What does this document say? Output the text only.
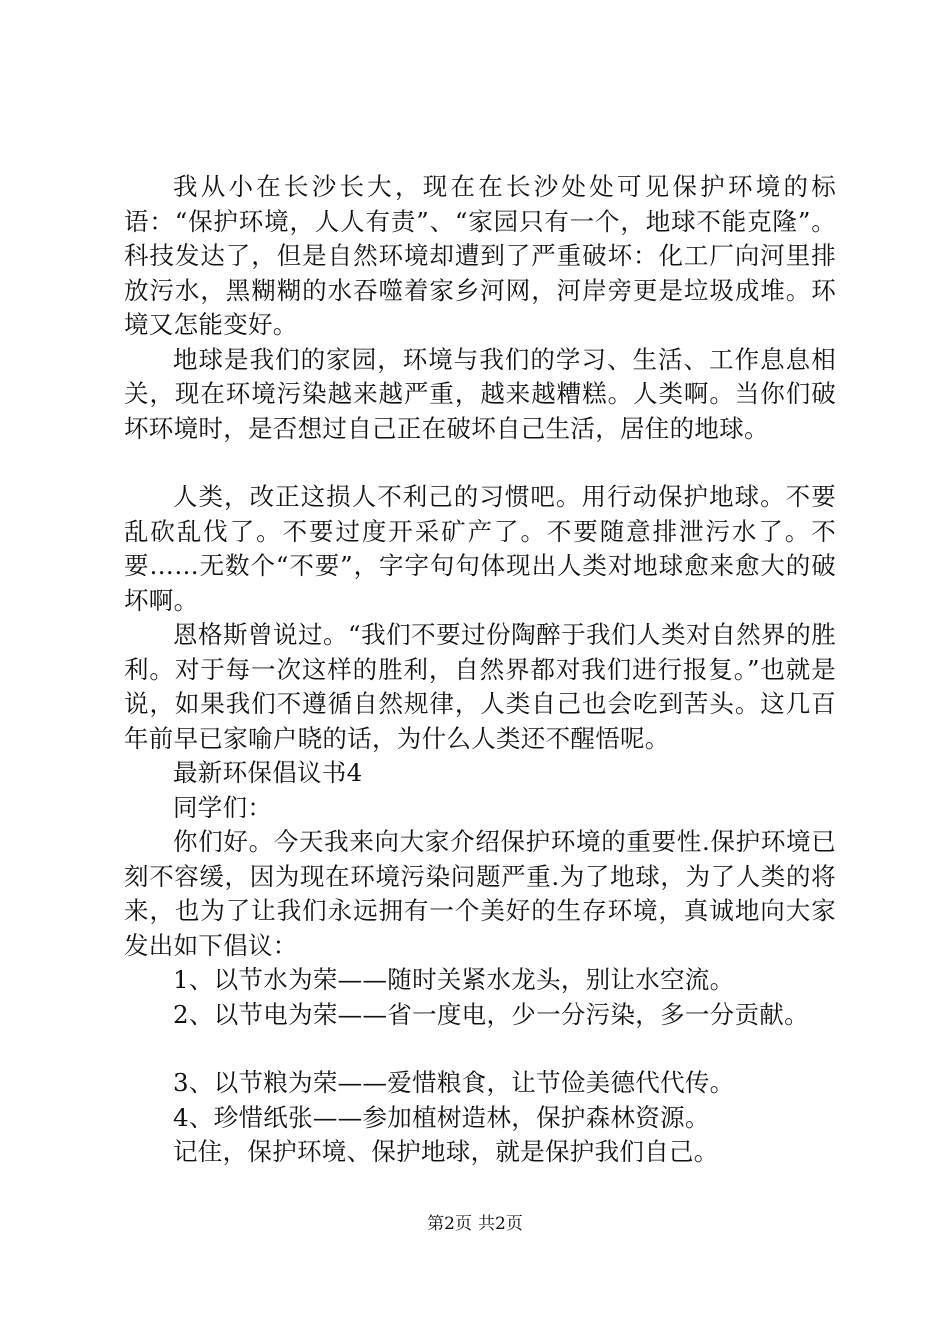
我从小在长沙长大，现在在长沙处处可见保护环境的标语：“保护环境，人人有责”、“家园只有一个，地球不能克隆”。科技发达了，但是自然环境却遭到了严重破坏：化工厂向河里排放污水，黑糊糊的水吞噬着家乡河网，河岸旁更是垃圾成堆。环境又怎能变好。

地球是我们的家园，环境与我们的学习、生活、工作息息相关，现在环境污染越来越严重，越来越糟糕。人类啊。当你们破坏环境时，是否想过自己正在破坏自己生活，居住的地球。

人类，改正这损人不利己的习惯吧。用行动保护地球。不要乱砍乱伐了。不要过度开采矿产了。不要随意排泄污水了。不要……无数个“不要”，字字句句体现出人类对地球愈来愈大的破坏啊。

恩格斯曾说过。“我们不要过份陶醉于我们人类对自然界的胜利。对于每一次这样的胜利，自然界都对我们进行报复。”也就是说，如果我们不遵循自然规律，人类自己也会吃到苦头。这几百年前早已家喻户晓的话，为什么人类还不醒悟呢。

最新环保倡议书4

同学们：

你们好。今天我来向大家介绍保护环境的重要性.保护环境已刻不容缓，因为现在环境污染问题严重.为了地球，为了人类的将来，也为了让我们永远拥有一个美好的生存环境，真诚地向大家发出如下倡议：

1、以节水为荣——随时关紧水龙头，别让水空流。

2、以节电为荣——省一度电，少一分污染，多一分贡献。

3、以节粮为荣——爱惜粮食，让节俭美德代代传。

4、珍惜纸张——参加植树造林，保护森林资源。

记住，保护环境、保护地球，就是保护我们自己。

第2页 共2页
